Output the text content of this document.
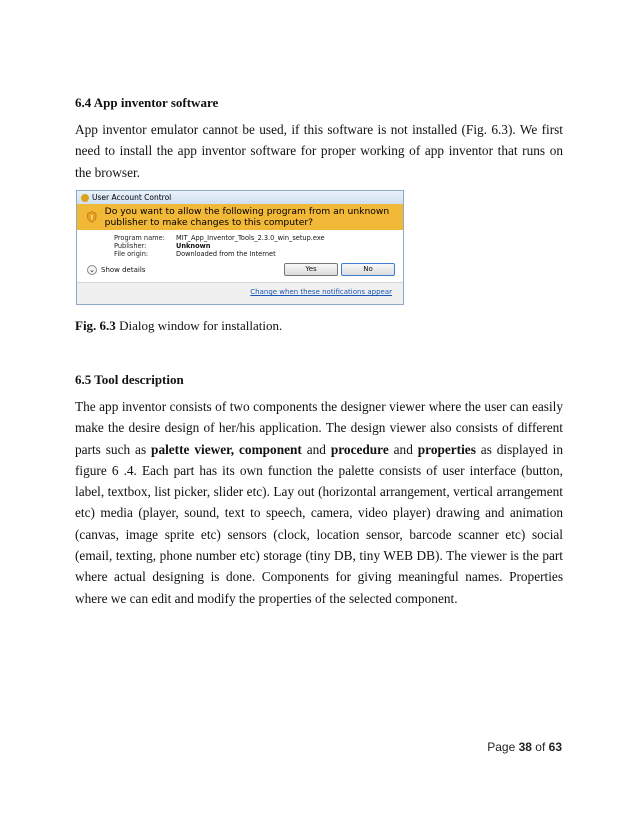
6.4 App inventor software

App inventor emulator cannot be used, if this software is not installed (Fig. 6.3). We first need to install the app inventor software for proper working of app inventor that runs on the browser.

User Account Control
!
Do you want to allow the following program from an unknown publisher to make changes to this computer?
Program name:	MIT_App_Inventor_Tools_2.3.0_win_setup.exe
Publisher:	Unknown
File origin:	Downloaded from the Internet
⌄ Show details	Yes	No
Change when these notifications appear

Fig. 6.3 Dialog window for installation.

6.5 Tool description

The app inventor consists of two components the designer viewer where the user can easily make the desire design of her/his application. The design viewer also consists of different parts such as palette viewer, component and procedure and properties as displayed in figure 6 .4. Each part has its own function the palette consists of user interface (button, label, textbox, list picker, slider etc). Lay out (horizontal arrangement, vertical arrangement etc) media (player, sound, text to speech, camera, video player) drawing and animation (canvas, image sprite etc) sensors (clock, location sensor, barcode scanner etc) social (email, texting, phone number etc) storage (tiny DB, tiny WEB DB). The viewer is the part where actual designing is done. Components for giving meaningful names. Properties where we can edit and modify the properties of the selected component.

Page 38 of 63
